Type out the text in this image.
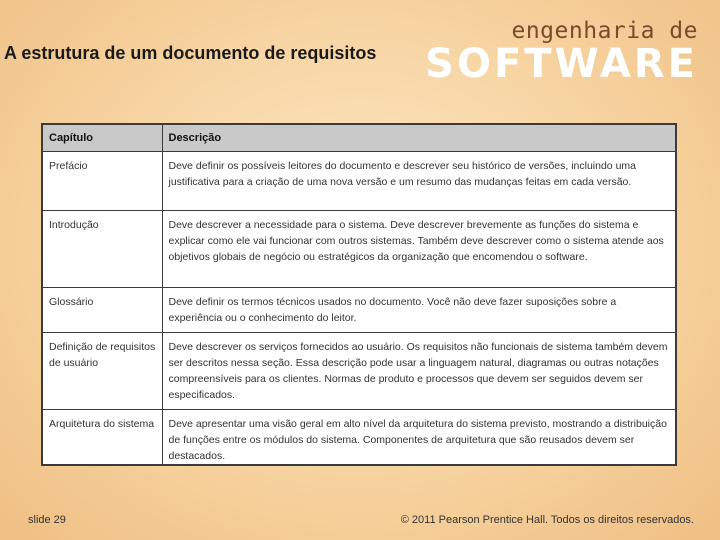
A estrutura de um documento de requisitos
engenharia de
SOFTWARE
Capítulo	Descrição
Prefácio	Deve definir os possíveis leitores do documento e descrever seu histórico de versões, incluindo uma justificativa para a criação de uma nova versão e um resumo das mudanças feitas em cada versão.
Introdução	Deve descrever a necessidade para o sistema. Deve descrever brevemente as funções do sistema e explicar como ele vai funcionar com outros sistemas. Também deve descrever como o sistema atende aos objetivos globais de negócio ou estratégicos da organização que encomendou o software.
Glossário	Deve definir os termos técnicos usados no documento. Você não deve fazer suposições sobre a experiência ou o conhecimento do leitor.
Definição de requisitos de usuário	Deve descrever os serviços fornecidos ao usuário. Os requisitos não funcionais de sistema também devem ser descritos nessa seção. Essa descrição pode usar a linguagem natural, diagramas ou outras notações compreensíveis para os clientes. Normas de produto e processos que devem ser seguidos devem ser especificados.
Arquitetura do sistema	Deve apresentar uma visão geral em alto nível da arquitetura do sistema previsto, mostrando a distribuição de funções entre os módulos do sistema. Componentes de arquitetura que são reusados devem ser destacados.
slide 29	© 2011 Pearson Prentice Hall. Todos os direitos reservados.
